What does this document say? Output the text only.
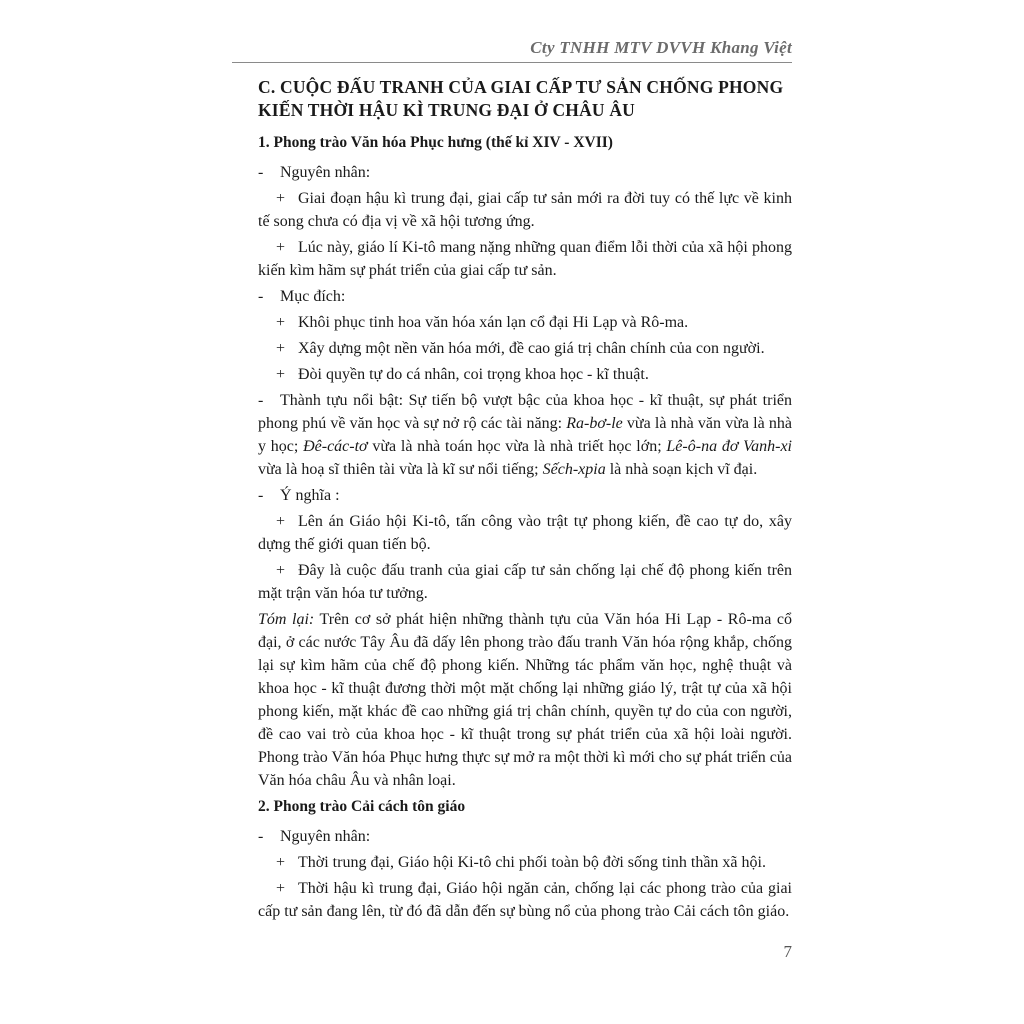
Cty TNHH MTV DVVH Khang Việt
C. CUỘC ĐẤU TRANH CỦA GIAI CẤP TƯ SẢN CHỐNG PHONG KIẾN THỜI HẬU KÌ TRUNG ĐẠI Ở CHÂU ÂU
1. Phong trào Văn hóa Phục hưng (thế kỉ XIV - XVII)
- Nguyên nhân:
+ Giai đoạn hậu kì trung đại, giai cấp tư sản mới ra đời tuy có thế lực về kinh tế song chưa có địa vị về xã hội tương ứng.
+ Lúc này, giáo lí Ki-tô mang nặng những quan điểm lỗi thời của xã hội phong kiến kìm hãm sự phát triển của giai cấp tư sản.
- Mục đích:
+ Khôi phục tinh hoa văn hóa xán lạn cổ đại Hi Lạp và Rô-ma.
+ Xây dựng một nền văn hóa mới, đề cao giá trị chân chính của con người.
+ Đòi quyền tự do cá nhân, coi trọng khoa học - kĩ thuật.
- Thành tựu nổi bật: Sự tiến bộ vượt bậc của khoa học - kĩ thuật, sự phát triển phong phú về văn học và sự nở rộ các tài năng: Ra-bơ-le vừa là nhà văn vừa là nhà y học; Đê-các-tơ vừa là nhà toán học vừa là nhà triết học lớn; Lê-ô-na đơ Vanh-xi vừa là hoạ sĩ thiên tài vừa là kĩ sư nổi tiếng; Sếch-xpia là nhà soạn kịch vĩ đại.
- Ý nghĩa :
+ Lên án Giáo hội Ki-tô, tấn công vào trật tự phong kiến, đề cao tự do, xây dựng thế giới quan tiến bộ.
+ Đây là cuộc đấu tranh của giai cấp tư sản chống lại chế độ phong kiến trên mặt trận văn hóa tư tưởng.
Tóm lại: Trên cơ sở phát hiện những thành tựu của Văn hóa Hi Lạp - Rô-ma cổ đại, ở các nước Tây Âu đã dấy lên phong trào đấu tranh Văn hóa rộng khắp, chống lại sự kìm hãm của chế độ phong kiến. Những tác phẩm văn học, nghệ thuật và khoa học - kĩ thuật đương thời một mặt chống lại những giáo lý, trật tự của xã hội phong kiến, mặt khác đề cao những giá trị chân chính, quyền tự do của con người, đề cao vai trò của khoa học - kĩ thuật trong sự phát triển của xã hội loài người. Phong trào Văn hóa Phục hưng thực sự mở ra một thời kì mới cho sự phát triển của Văn hóa châu Âu và nhân loại.
2. Phong trào Cải cách tôn giáo
- Nguyên nhân:
+ Thời trung đại, Giáo hội Ki-tô chi phối toàn bộ đời sống tinh thần xã hội.
+ Thời hậu kì trung đại, Giáo hội ngăn cản, chống lại các phong trào của giai cấp tư sản đang lên, từ đó đã dẫn đến sự bùng nổ của phong trào Cải cách tôn giáo.
7
